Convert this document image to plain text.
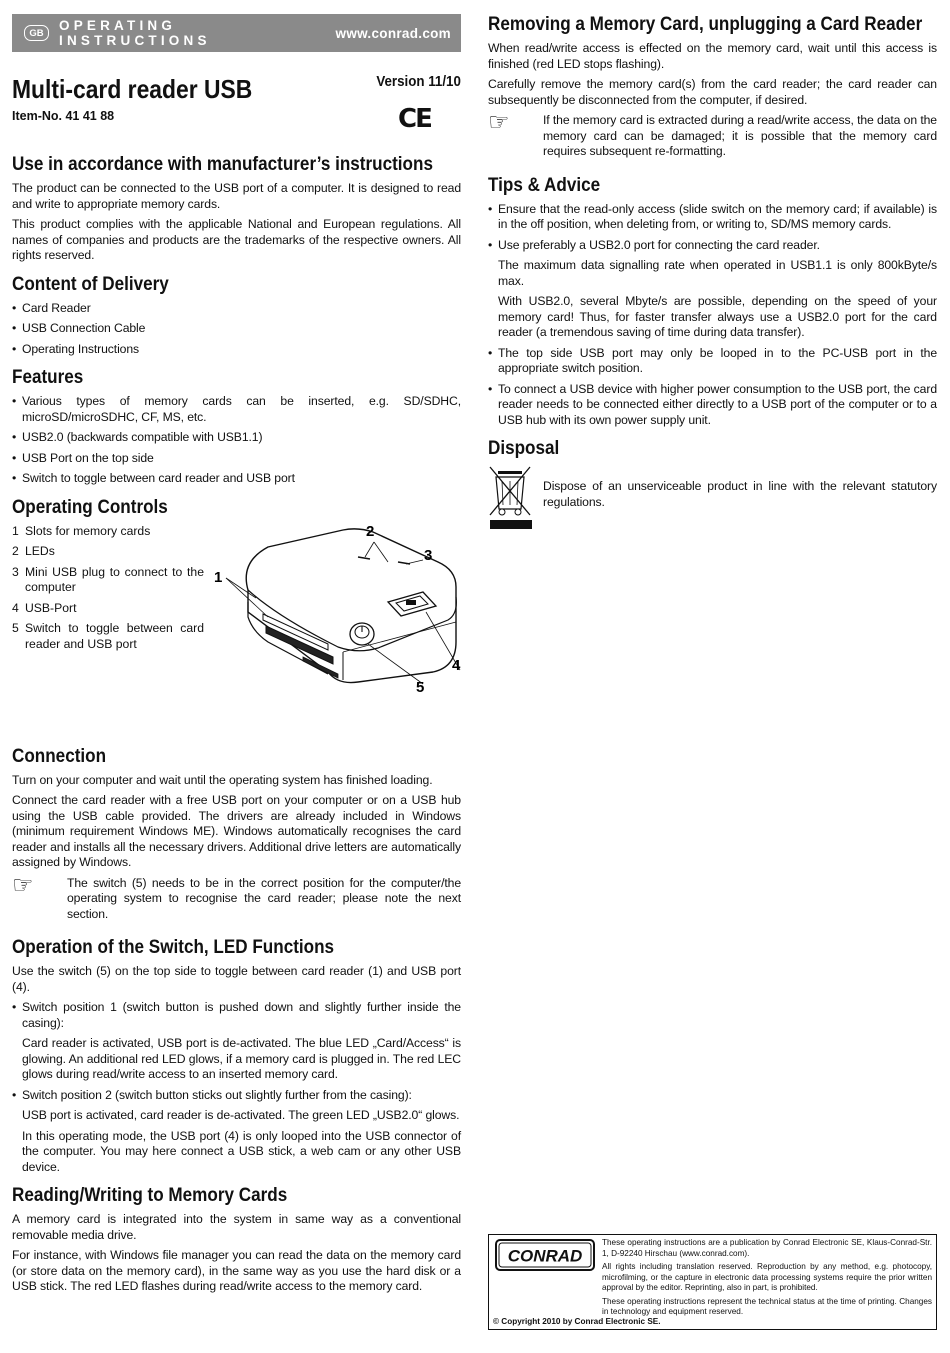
GB	OPERATING INSTRUCTIONS	www.conrad.com
Multi-card reader USB
Item-No. 41 41 88
Version 11/10
CE
Use in accordance with manufacturer’s instructions

The product can be connected to the USB port of a computer. It is designed to read and write to appropriate memory cards.

This product complies with the applicable National and European regulations. All names of companies and products are the trademarks of the respective owners. All rights reserved.

Content of Delivery
• Card Reader
• USB Connection Cable
• Operating Instructions
Features
• Various types of memory cards can be inserted, e.g. SD/SDHC, microSD/microSDHC, CF, MS, etc.
• USB2.0 (backwards compatible with USB1.1)
• USB Port on the top side
• Switch to toggle between card reader and USB port
Operating Controls
1 Slots for memory cards
2 LEDs
3 Mini USB plug to connect to the computer
4 USB-Port
5 Switch to toggle between card reader and USB port
1
2
3
4
5
Connection

Turn on your computer and wait until the operating system has finished loading.

Connect the card reader with a free USB port on your computer or on a USB hub using the USB cable provided. The drivers are already included in Windows (minimum requirement Windows ME). Windows automatically recognises the card reader and installs all the necessary drivers. Additional drive letters are automatically assigned by Windows.

☞	The switch (5) needs to be in the correct position for the computer/the operating system to recognise the card reader; please note the next section.

Operation of the Switch, LED Functions

Use the switch (5) on the top side to toggle between card reader (1) and USB port (4).

• Switch position 1 (switch button is pushed down and slightly further inside the casing):

Card reader is activated, USB port is de-activated. The blue LED „Card/Access“ is glowing. An additional red LED glows, if a memory card is plugged in. The red LEC glows during read/write access to an inserted memory card.

• Switch position 2 (switch button sticks out slightly further from the casing):

USB port is activated, card reader is de-activated. The green LED „USB2.0“ glows.

In this operating mode, the USB port (4) is only looped into the USB connector of the computer. You may here connect a USB stick, a web cam or any other USB device.

Reading/Writing to Memory Cards

A memory card is integrated into the system in same way as a conventional removable media drive.

For instance, with Windows file manager you can read the data on the memory card (or store data on the memory card), in the same way as you use the hard disk or a USB stick. The red LED flashes during read/write access to the memory card.

Removing a Memory Card, unplugging a Card Reader

When read/write access is effected on the memory card, wait until this access is finished (red LED stops flashing).

Carefully remove the memory card(s) from the card reader; the card reader can subsequently be disconnected from the computer, if desired.

☞	If the memory card is extracted during a read/write access, the data on the memory card can be damaged; it is possible that the memory card requires subsequent re-formatting.

Tips & Advice
• Ensure that the read-only access (slide switch on the memory card; if available) is in the off position, when deleting from, or writing to, SD/MS memory cards.
• Use preferably a USB2.0 port for connecting the card reader.

The maximum data signalling rate when operated in USB1.1 is only 800kByte/s max.

With USB2.0, several Mbyte/s are possible, depending on the speed of your memory card! Thus, for faster transfer always use a USB2.0 port for the card reader (a tremendous saving of time during data transfer).

• The top side USB port may only be looped in to the PC-USB port in the appropriate switch position.
• To connect a USB device with higher power consumption to the USB port, the card reader needs to be connected either directly to a USB port of the computer or to a USB hub with its own power supply unit.
Disposal

Dispose of an unserviceable product in line with the relevant statutory regulations.

CONRAD
These operating instructions are a publication by Conrad Electronic SE, Klaus-Conrad-Str. 1, D-92240 Hirschau (www.conrad.com).
All rights including translation reserved. Reproduction by any method, e.g. photocopy, microfilming, or the capture in electronic data processing systems require the prior written approval by the editor. Reprinting, also in part, is prohibited.
These operating instructions represent the technical status at the time of printing. Changes in technology and equipment reserved.
© Copyright 2010 by Conrad Electronic SE.
